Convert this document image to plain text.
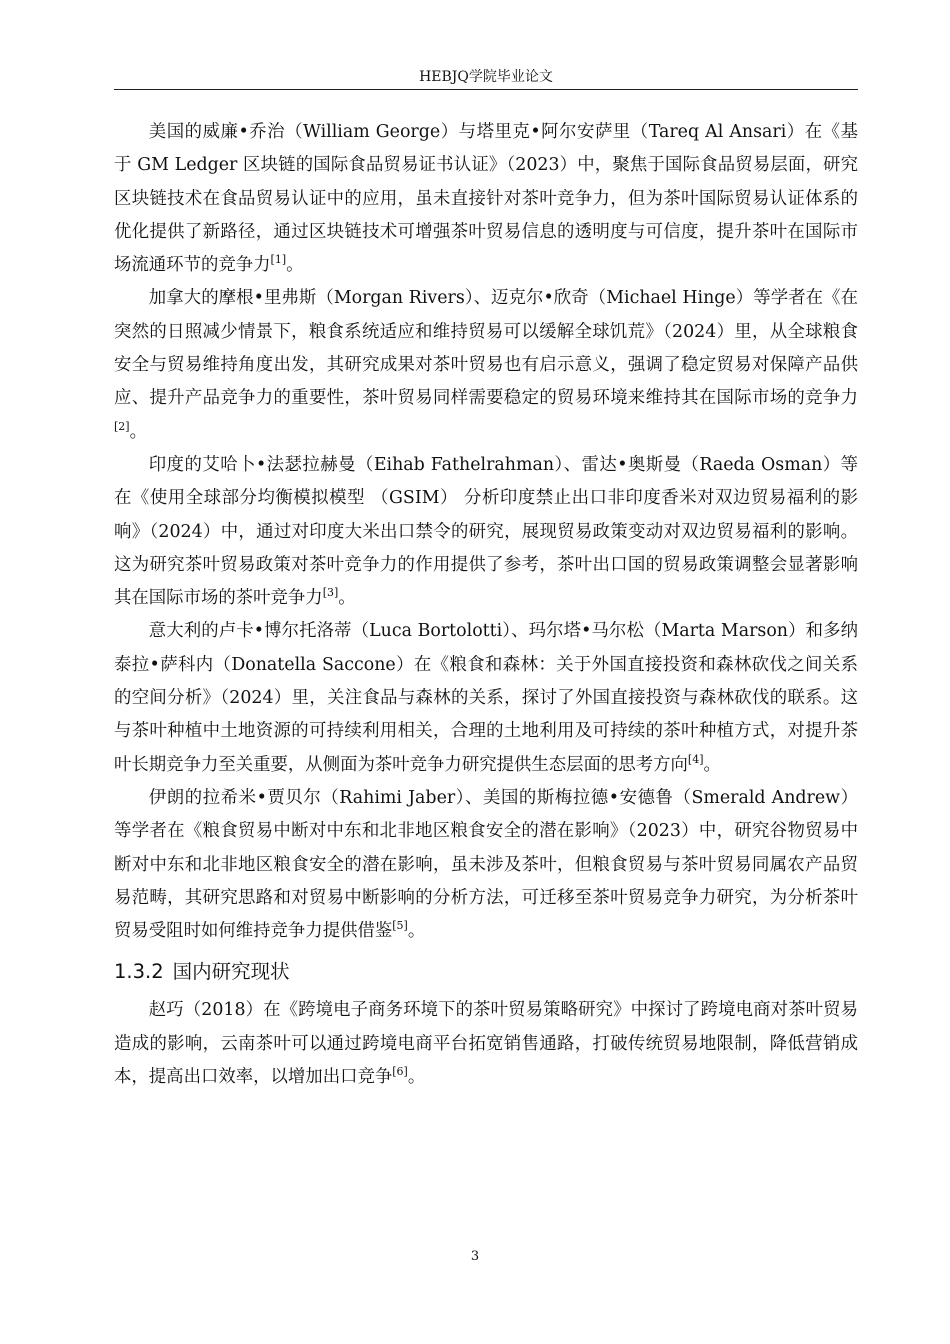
HEBJQ学院毕业论文

美国的威廉•乔治（William George）与塔里克•阿尔安萨里（Tareq Al Ansari）在《基于 GM Ledger 区块链的国际食品贸易证书认证》（2023）中，聚焦于国际食品贸易层面，研究区块链技术在食品贸易认证中的应用，虽未直接针对茶叶竞争力，但为茶叶国际贸易认证体系的优化提供了新路径，通过区块链技术可增强茶叶贸易信息的透明度与可信度，提升茶叶在国际市场流通环节的竞争力[1]。

加拿大的摩根•里弗斯（Morgan Rivers）、迈克尔•欣奇（Michael Hinge）等学者在《在突然的日照减少情景下，粮食系统适应和维持贸易可以缓解全球饥荒》（2024）里，从全球粮食安全与贸易维持角度出发，其研究成果对茶叶贸易也有启示意义，强调了稳定贸易对保障产品供应、提升产品竞争力的重要性，茶叶贸易同样需要稳定的贸易环境来维持其在国际市场的竞争力[2]。

印度的艾哈卜•法瑟拉赫曼（Eihab Fathelrahman）、雷达•奥斯曼（Raeda Osman）等在《使用全球部分均衡模拟模型 （GSIM） 分析印度禁止出口非印度香米对双边贸易福利的影响》（2024）中，通过对印度大米出口禁令的研究，展现贸易政策变动对双边贸易福利的影响。这为研究茶叶贸易政策对茶叶竞争力的作用提供了参考，茶叶出口国的贸易政策调整会显著影响其在国际市场的茶叶竞争力[3]。

意大利的卢卡•博尔托洛蒂（Luca Bortolotti）、玛尔塔•马尔松（Marta Marson）和多纳泰拉•萨科内（Donatella Saccone）在《粮食和森林：关于外国直接投资和森林砍伐之间关系的空间分析》（2024）里，关注食品与森林的关系，探讨了外国直接投资与森林砍伐的联系。这与茶叶种植中土地资源的可持续利用相关，合理的土地利用及可持续的茶叶种植方式，对提升茶叶长期竞争力至关重要，从侧面为茶叶竞争力研究提供生态层面的思考方向[4]。

伊朗的拉希米•贾贝尔（Rahimi Jaber）、美国的斯梅拉德•安德鲁（Smerald Andrew）等学者在《粮食贸易中断对中东和北非地区粮食安全的潜在影响》（2023）中，研究谷物贸易中断对中东和北非地区粮食安全的潜在影响，虽未涉及茶叶，但粮食贸易与茶叶贸易同属农产品贸易范畴，其研究思路和对贸易中断影响的分析方法，可迁移至茶叶贸易竞争力研究，为分析茶叶贸易受阻时如何维持竞争力提供借鉴[5]。

1.3.2 国内研究现状

赵巧（2018）在《跨境电子商务环境下的茶叶贸易策略研究》中探讨了跨境电商对茶叶贸易造成的影响，云南茶叶可以通过跨境电商平台拓宽销售通路，打破传统贸易地限制，降低营销成本，提高出口效率，以增加出口竞争[6]。

3
